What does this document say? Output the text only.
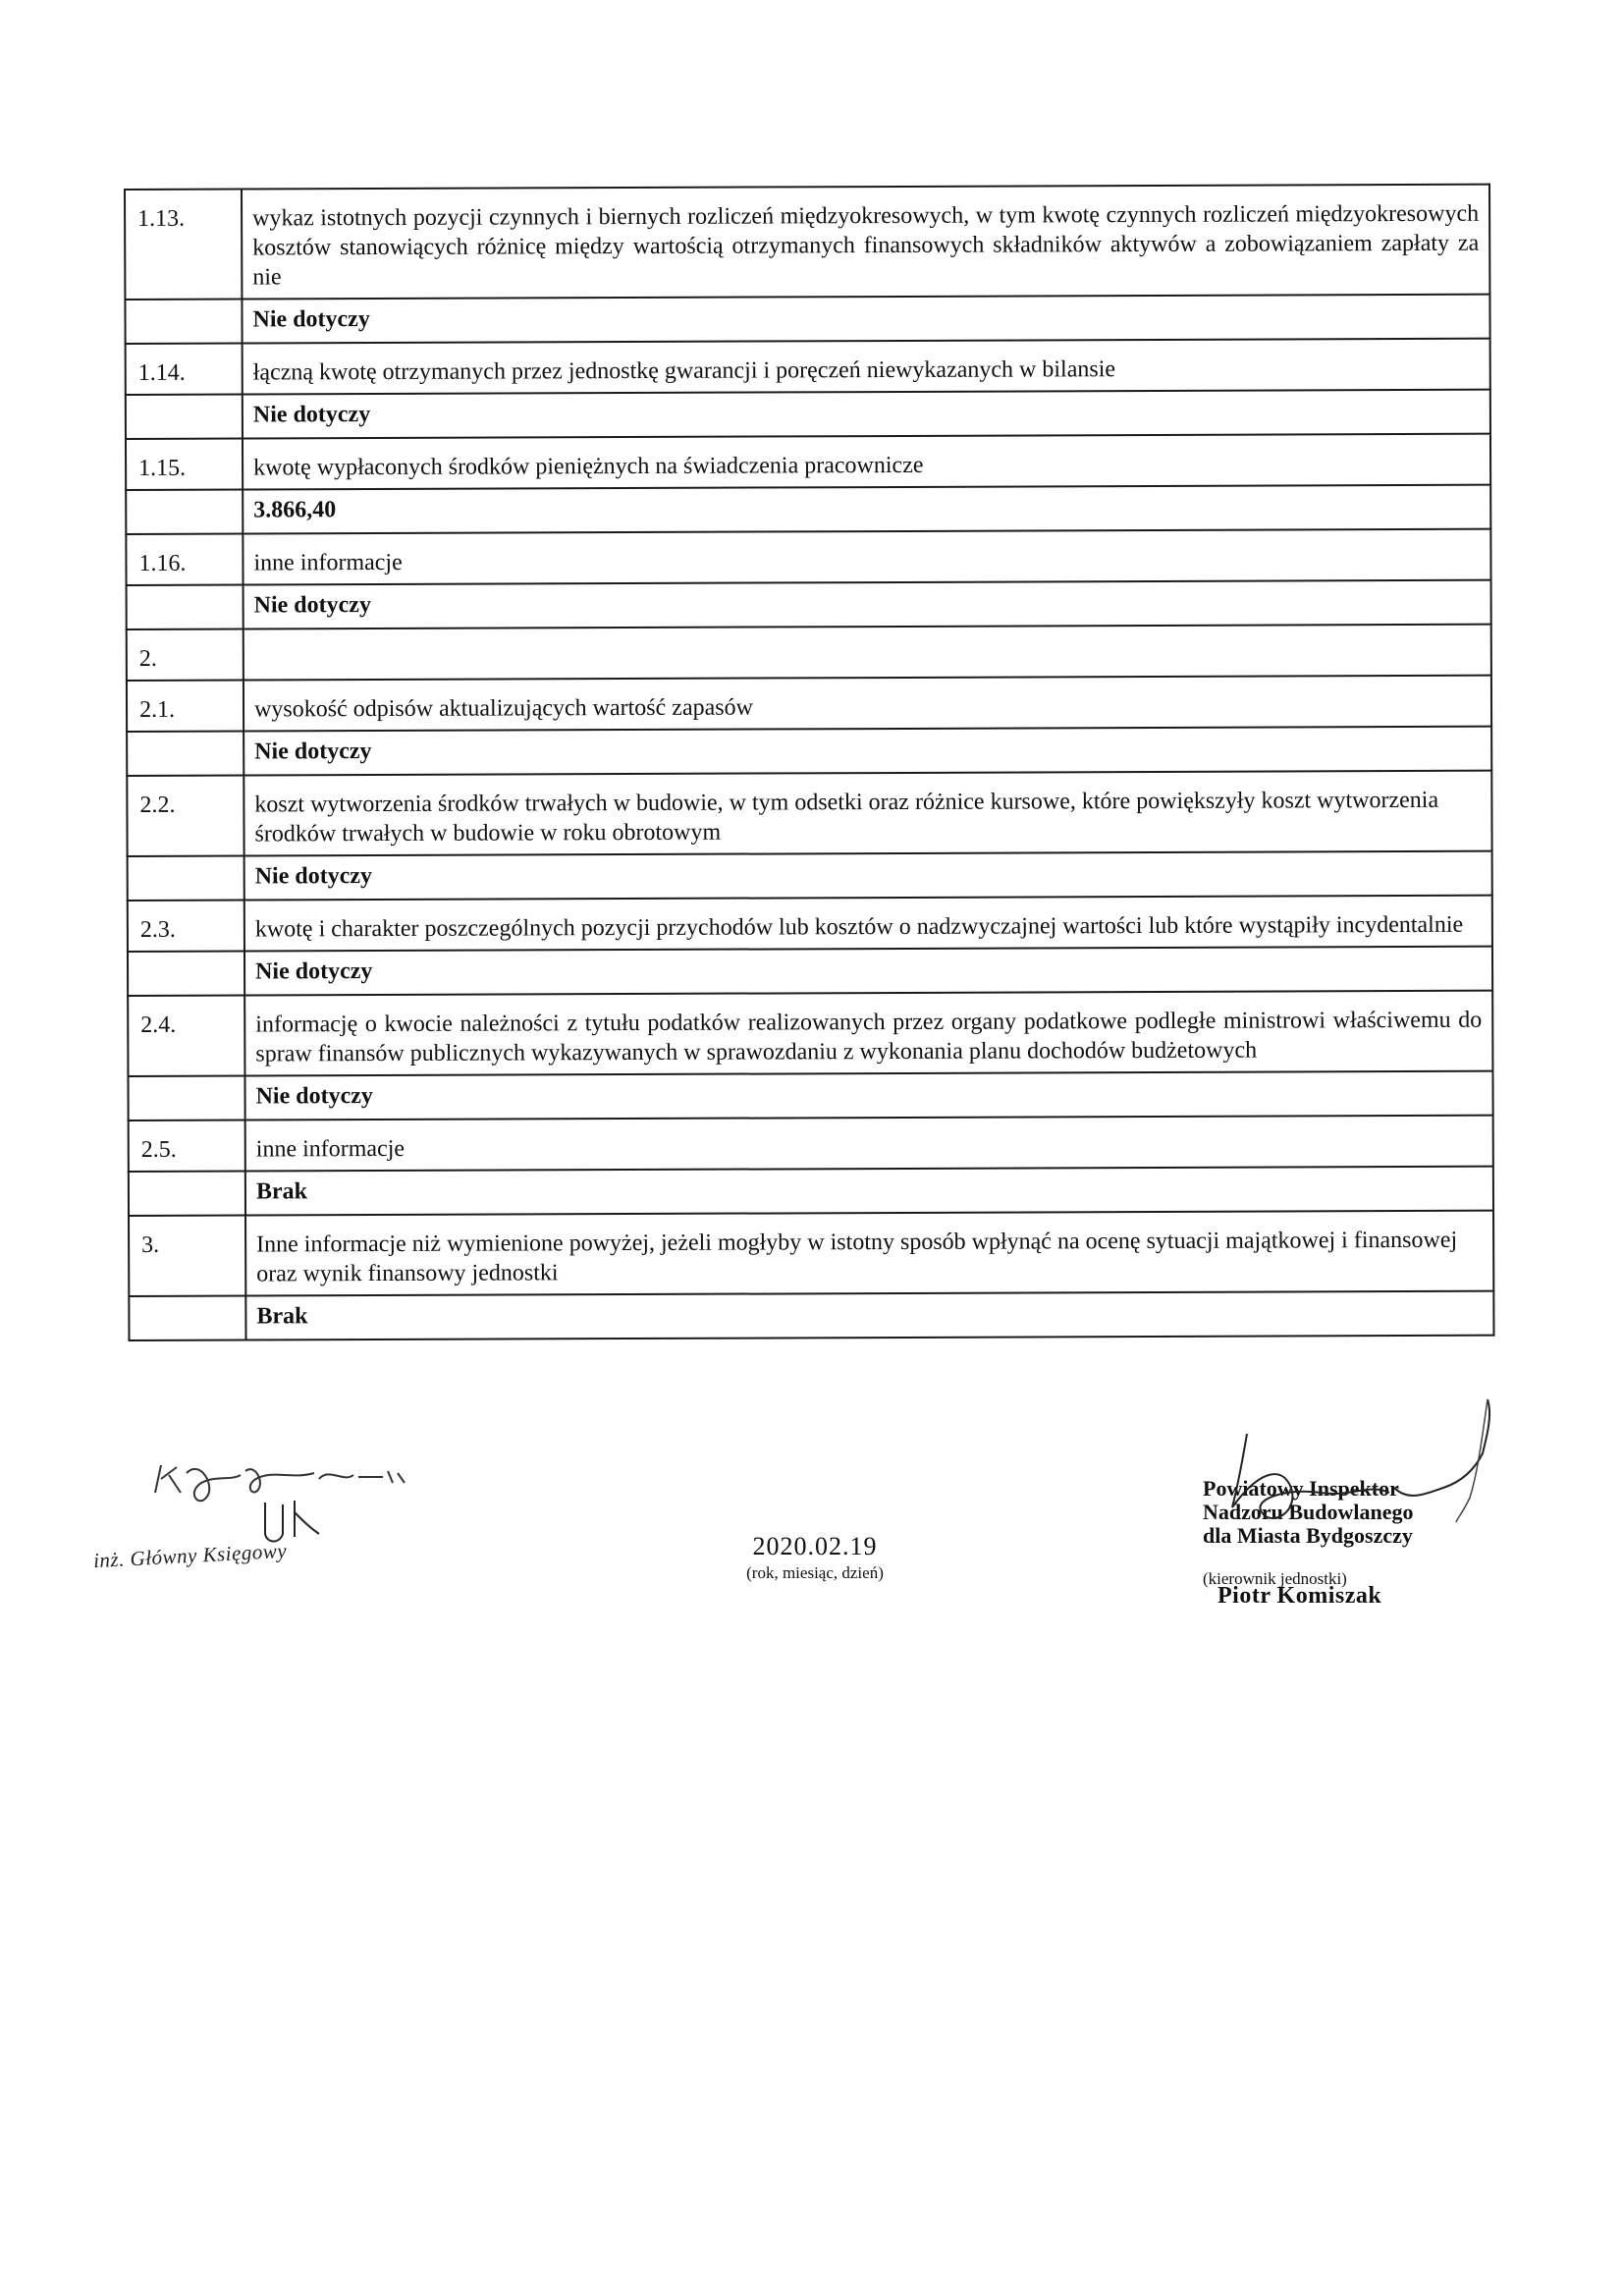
1.13.	wykaz istotnych pozycji czynnych i biernych rozliczeń międzyokresowych, w tym kwotę czynnych rozliczeń międzyokresowych kosztów stanowiących różnicę między wartością otrzymanych finansowych składników aktywów a zobowiązaniem zapłaty za nie
	Nie dotyczy
1.14.	łączną kwotę otrzymanych przez jednostkę gwarancji i poręczeń niewykazanych w bilansie
	Nie dotyczy
1.15.	kwotę wypłaconych środków pieniężnych na świadczenia pracownicze
	3.866,40
1.16.	inne informacje
	Nie dotyczy
2.	
2.1.	wysokość odpisów aktualizujących wartość zapasów
	Nie dotyczy
2.2.	koszt wytworzenia środków trwałych w budowie, w tym odsetki oraz różnice kursowe, które powiększyły koszt wytworzenia środków trwałych w budowie w roku obrotowym
	Nie dotyczy
2.3.	kwotę i charakter poszczególnych pozycji przychodów lub kosztów o nadzwyczajnej wartości lub które wystąpiły incydentalnie
	Nie dotyczy
2.4.	informację o kwocie należności z tytułu podatków realizowanych przez organy podatkowe podległe ministrowi właściwemu do spraw finansów publicznych wykazywanych w sprawozdaniu z wykonania planu dochodów budżetowych
	Nie dotyczy
2.5.	inne informacje
	Brak
3.	Inne informacje niż wymienione powyżej, jeżeli mogłyby w istotny sposób wpłynąć na ocenę sytuacji majątkowej i finansowej oraz wynik finansowy jednostki
	Brak
inż. Główny Księgowy	2020.02.19
(rok, miesiąc, dzień)
Powiatowy Inspektor
Nadzoru Budowlanego
dla Miasta Bydgoszczy
(kierownik jednostki)
Piotr Komiszak
